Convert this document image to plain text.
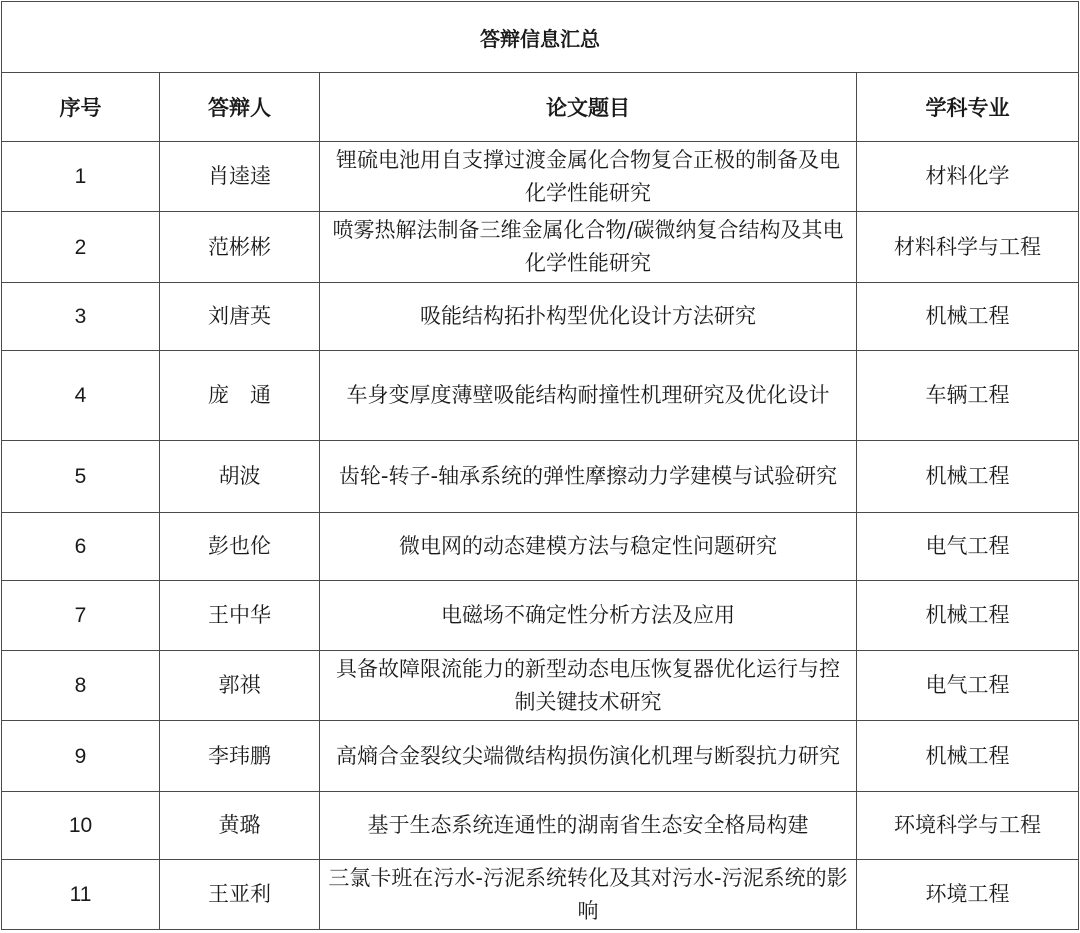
答辩信息汇总			
序号	答辩人	论文题目	学科专业
1	肖逵逵	锂硫电池用自支撑过渡金属化合物复合正极的制备及电化学性能研究	材料化学
2	范彬彬	喷雾热解法制备三维金属化合物/碳微纳复合结构及其电化学性能研究	材料科学与工程
3	刘唐英	吸能结构拓扑构型优化设计方法研究	机械工程
4	庞　通	车身变厚度薄壁吸能结构耐撞性机理研究及优化设计	车辆工程
5	胡波	齿轮-转子-轴承系统的弹性摩擦动力学建模与试验研究	机械工程
6	彭也伦	微电网的动态建模方法与稳定性问题研究	电气工程
7	王中华	电磁场不确定性分析方法及应用	机械工程
8	郭祺	具备故障限流能力的新型动态电压恢复器优化运行与控制关键技术研究	电气工程
9	李玮鹏	高熵合金裂纹尖端微结构损伤演化机理与断裂抗力研究	机械工程
10	黄璐	基于生态系统连通性的湖南省生态安全格局构建	环境科学与工程
11	王亚利	三氯卡班在污水-污泥系统转化及其对污水-污泥系统的影响	环境工程
